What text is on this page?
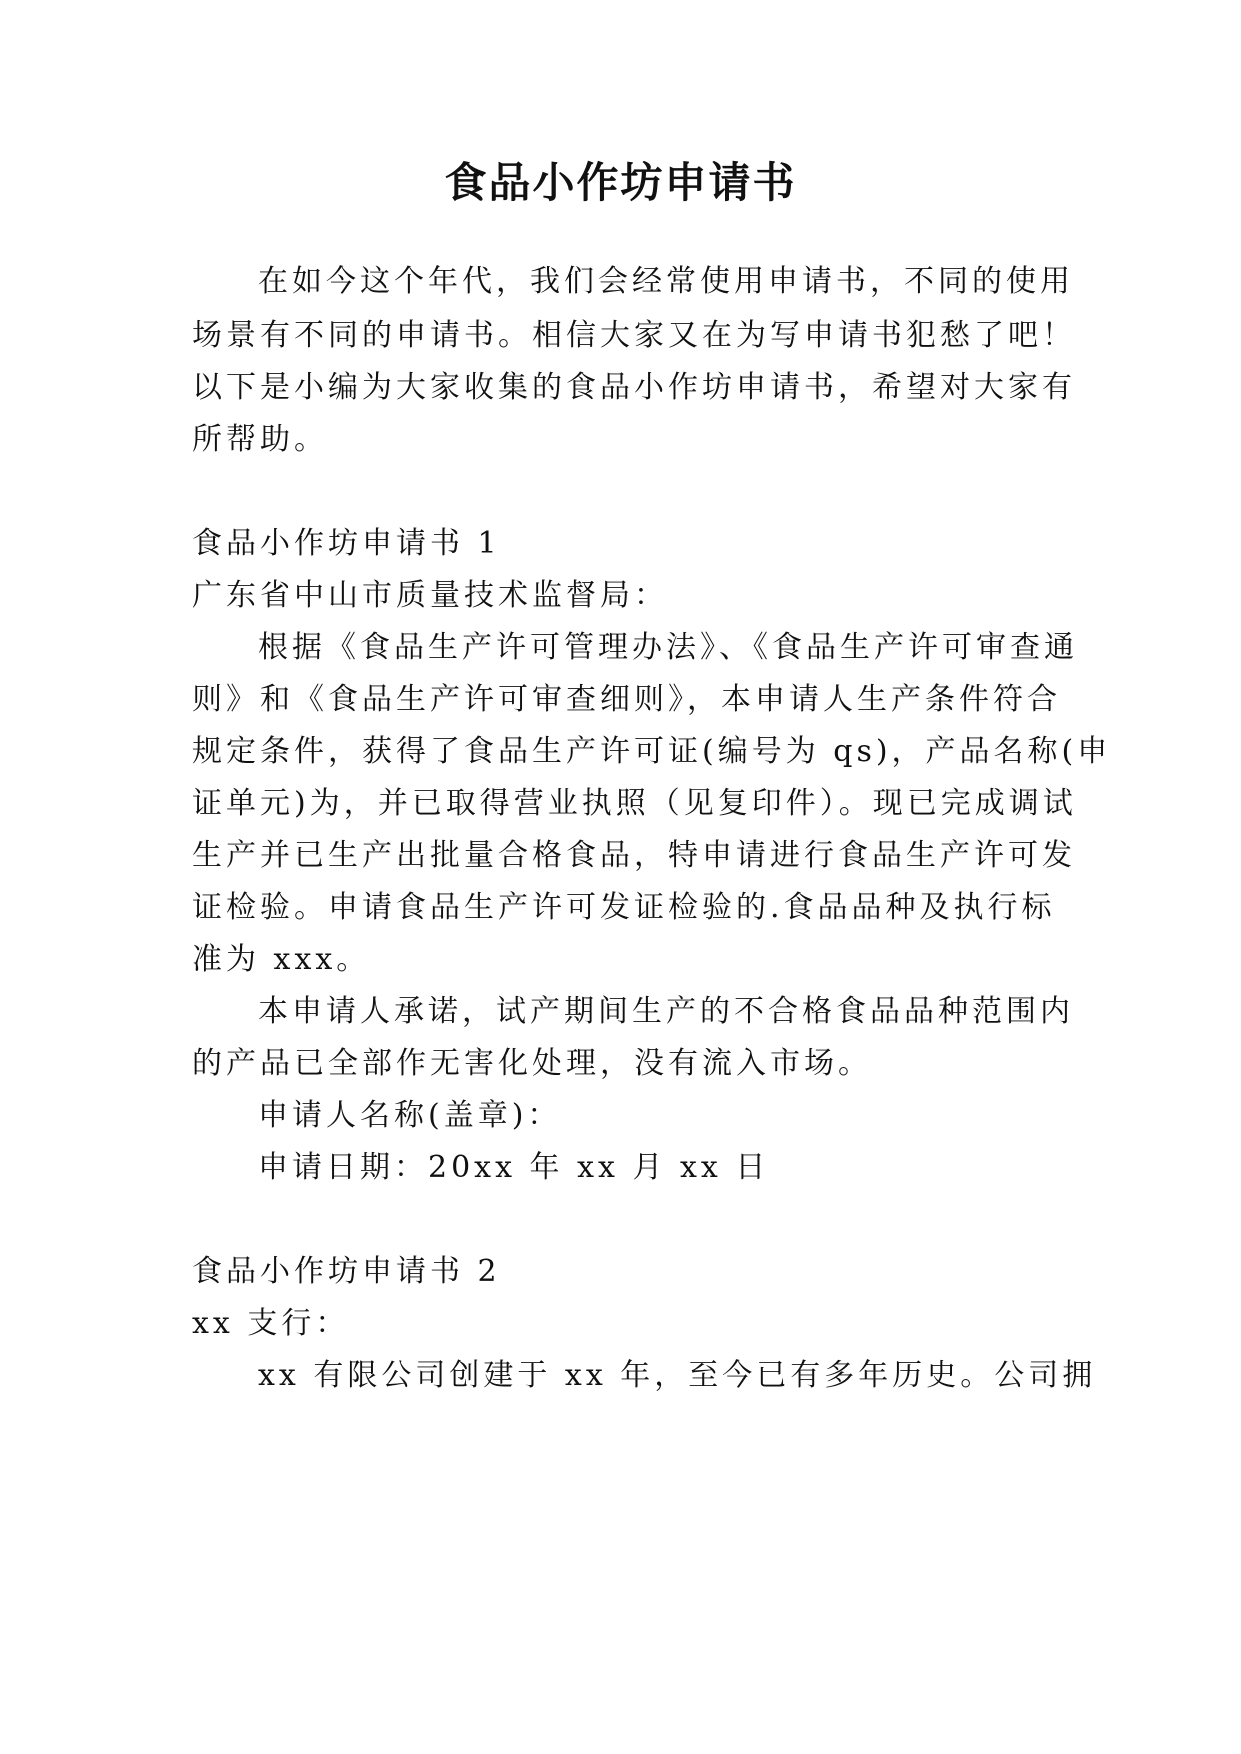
食品小作坊申请书
在如今这个年代，我们会经常使用申请书，不同的使用
场景有不同的申请书。相信大家又在为写申请书犯愁了吧！
以下是小编为大家收集的食品小作坊申请书，希望对大家有
所帮助。
食品小作坊申请书 1
广东省中山市质量技术监督局：
根据《食品生产许可管理办法》、《食品生产许可审查通
则》和《食品生产许可审查细则》，本申请人生产条件符合
规定条件，获得了食品生产许可证(编号为 qs)，产品名称(申
证单元)为，并已取得营业执照（见复印件）。现已完成调试
生产并已生产出批量合格食品，特申请进行食品生产许可发
证检验。申请食品生产许可发证检验的.食品品种及执行标
准为 xxx。
本申请人承诺，试产期间生产的不合格食品品种范围内
的产品已全部作无害化处理，没有流入市场。
申请人名称(盖章)：
申请日期：20xx 年 xx 月 xx 日
食品小作坊申请书 2
xx 支行：
xx 有限公司创建于 xx 年，至今已有多年历史。公司拥
